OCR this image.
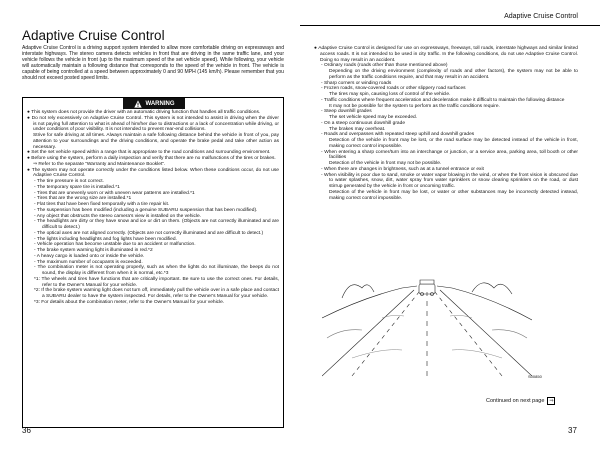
Adaptive Cruise Control
Adaptive Cruise Control

Adaptive Cruise Control is a driving support system intended to allow more comfortable driving on expressways and interstate highways. The stereo camera detects vehicles in front that are driving in the same traffic lane, and your vehicle follows the vehicle in front (up to the maximum speed of the set vehicle speed). While following, your vehicle will automatically maintain a following distance that corresponds to the speed of the vehicle in front. The vehicle is capable of being controlled at a speed between approximately 0 and 90 MPH (145 km/h). Please remember that you should not exceed posted speed limits.

WARNING

● This system does not provide the driver with an automatic driving function that handles all traffic conditions.

● Do not rely excessively on Adaptive Cruise Control. This system is not intended to assist in driving when the driver is not paying full attention to what is ahead of him/her due to distractions or a lack of concentration while driving, or under conditions of poor visibility. It is not intended to prevent rear-end collisions.

Strive for safe driving at all times. Always maintain a safe following distance behind the vehicle in front of you, pay attention to your surroundings and the driving conditions, and operate the brake pedal and take other action as necessary.

● Set the set vehicle speed within a range that is appropriate to the road conditions and surrounding environment.

● Before using the system, perform a daily inspection and verify that there are no malfunctions of the tires or brakes.

⇒ Refer to the separate “Warranty and Maintenance Booklet”.

● The system may not operate correctly under the conditions listed below. When these conditions occur, do not use Adaptive Cruise Control.

- The tire pressure is not correct.

- The temporary spare tire is installed.*1

- Tires that are unevenly worn or with uneven wear patterns are installed.*1

- Tires that are the wrong size are installed.*1

- Flat tires that have been fixed temporarily with a tire repair kit.

- The suspension has been modified (including a genuine SUBARU suspension that has been modified).

- Any object that obstructs the stereo camera's view is installed on the vehicle.

- The headlights are dirty or they have snow and ice or dirt on them. (Objects are not correctly illuminated and are difficult to detect.)

- The optical axes are not aligned correctly. (Objects are not correctly illuminated and are difficult to detect.)

- The lights including headlights and fog lights have been modified.

- Vehicle operation has become unstable due to an accident or malfunction.

- The brake system warning light is illuminated in red.*2

- A heavy cargo is loaded onto or inside the vehicle.

- The maximum number of occupants is exceeded.

- The combination meter is not operating properly, such as when the lights do not illuminate, the beeps do not sound, the display is different from when it is normal, etc.*3

*1: The wheels and tires have functions that are critically important. Be sure to use the correct ones. For details, refer to the Owner's Manual for your vehicle.

*2: If the brake system warning light does not turn off, immediately pull the vehicle over in a safe place and contact a SUBARU dealer to have the system inspected. For details, refer to the Owner's Manual for your vehicle.

*3: For details about the combination meter, refer to the Owner's Manual for your vehicle.

● Adaptive Cruise Control is designed for use on expressways, freeways, toll roads, interstate highways and similar limited access roads. It is not intended to be used in city traffic. In the following conditions, do not use Adaptive Cruise Control. Doing so may result in an accident.

- Ordinary roads (roads other than those mentioned above)

Depending on the driving environment (complexity of roads and other factors), the system may not be able to perform as the traffic conditions require, and that may result in an accident.

- Sharp corners or winding roads

- Frozen roads, snow-covered roads or other slippery road surfaces

The tires may spin, causing loss of control of the vehicle.

- Traffic conditions where frequent acceleration and deceleration make it difficult to maintain the following distance

It may not be possible for the system to perform as the traffic conditions require.

- Steep downhill grades

The set vehicle speed may be exceeded.

- On a steep continuous downhill grade

The brakes may overheat.

- Roads and overpasses with repeated steep uphill and downhill grades

Detection of the vehicle in front may be lost, or the road surface may be detected instead of the vehicle in front, making correct control impossible.

- When entering a sharp corner/turn into an interchange or junction, or a service area, parking area, toll booth or other facilities

Detection of the vehicle in front may not be possible.

- When there are changes in brightness, such as at a tunnel entrance or exit

- When visibility is poor due to sand, smoke or water vapor blowing in the wind, or when the front vision is obscured due to water splashes, snow, dirt, water spray from water sprinklers or snow clearing sprinklers on the road, or dust stirrup generated by the vehicle in front or oncoming traffic.

Detection of the vehicle in front may be lost, or water or other substances may be incorrectly detected instead, making correct control impossible.

S00850
Continued on next page ⇒
36	37
